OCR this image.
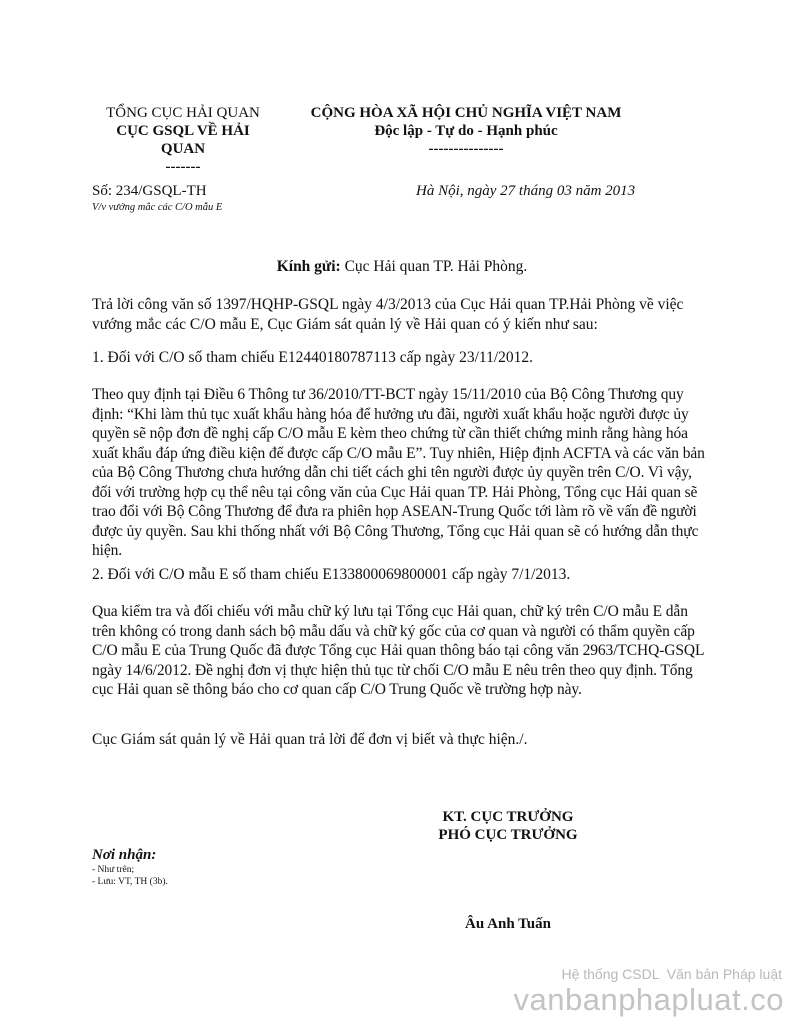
TỔNG CỤC HẢI QUAN
CỤC GSQL VỀ HẢI
QUAN
-------
CỘNG HÒA XÃ HỘI CHỦ NGHĨA VIỆT NAM
Độc lập - Tự do - Hạnh phúc
---------------
Số: 234/GSQL-TH
V/v vướng mắc các C/O mẫu E
Hà Nội, ngày 27 tháng 03 năm 2013
Kính gửi: Cục Hải quan TP. Hải Phòng.

Trả lời công văn số 1397/HQHP-GSQL ngày 4/3/2013 của Cục Hải quan TP.Hải Phòng về việc vướng mắc các C/O mẫu E, Cục Giám sát quản lý về Hải quan có ý kiến như sau:

1. Đối với C/O số tham chiếu E12440180787113 cấp ngày 23/11/2012.

Theo quy định tại Điều 6 Thông tư 36/2010/TT-BCT ngày 15/11/2010 của Bộ Công Thương quy định: “Khi làm thủ tục xuất khẩu hàng hóa để hưởng ưu đãi, người xuất khẩu hoặc người được ủy quyền sẽ nộp đơn đề nghị cấp C/O mẫu E kèm theo chứng từ cần thiết chứng minh rằng hàng hóa xuất khẩu đáp ứng điều kiện để được cấp C/O mẫu E”. Tuy nhiên, Hiệp định ACFTA và các văn bản của Bộ Công Thương chưa hướng dẫn chi tiết cách ghi tên người được ủy quyền trên C/O. Vì vậy, đối với trường hợp cụ thể nêu tại công văn của Cục Hải quan TP. Hải Phòng, Tổng cục Hải quan sẽ trao đổi với Bộ Công Thương để đưa ra phiên họp ASEAN-Trung Quốc tới làm rõ về vấn đề người được ủy quyền. Sau khi thống nhất với Bộ Công Thương, Tổng cục Hải quan sẽ có hướng dẫn thực hiện.

2. Đối với C/O mẫu E số tham chiếu E133800069800001 cấp ngày 7/1/2013.

Qua kiểm tra và đối chiếu với mẫu chữ ký lưu tại Tổng cục Hải quan, chữ ký trên C/O mẫu E dẫn trên không có trong danh sách bộ mẫu dấu và chữ ký gốc của cơ quan và người có thẩm quyền cấp C/O mẫu E của Trung Quốc đã được Tổng cục Hải quan thông báo tại công văn 2963/TCHQ-GSQL ngày 14/6/2012. Đề nghị đơn vị thực hiện thủ tục từ chối C/O mẫu E nêu trên theo quy định. Tổng cục Hải quan sẽ thông báo cho cơ quan cấp C/O Trung Quốc về trường hợp này.

Cục Giám sát quản lý về Hải quan trả lời để đơn vị biết và thực hiện./.

KT. CỤC TRƯỞNG
PHÓ CỤC TRƯỞNG
Âu Anh Tuấn
Nơi nhận:
- Như trên;
- Lưu: VT, TH (3b).
Hệ thống CSDL  Văn bản Pháp luật
vanbanphapluat.co
